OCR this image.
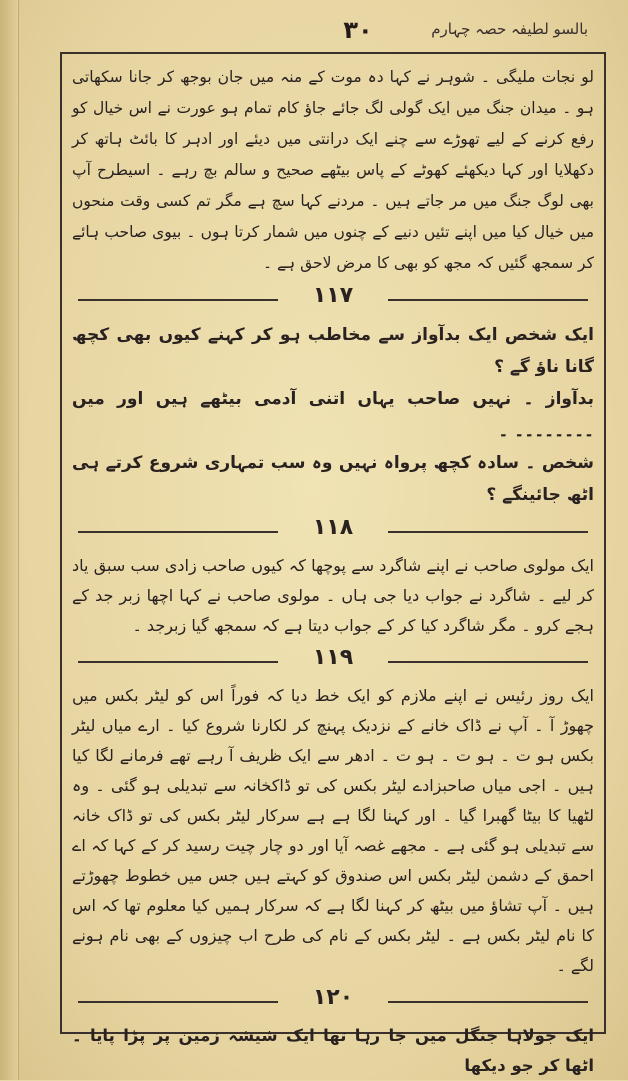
۳۰	بالسو لطیفہ حصہ چہارم

لو نجات ملیگی ۔ شوہر نے کہا دہ موت کے منہ میں جان بوجھ کر جانا سکھاتی ہو ۔ میدان جنگ میں ایک گولی لگ جائے جاؤ کام تمام ہو عورت نے اس خیال کو رفع کرنے کے لیے تھوڑے سے چنے ایک درانتی میں دیئے اور ادہر کا بائٹ ہاتھ کر دکھلایا اور کہا دیکھئے کھوٹے کے پاس بیٹھے صحیح و سالم بچ رہے ۔ اسیطرح آپ بھی لوگ جنگ میں مر جاتے ہیں ۔ مردنے کہا سچ ہے مگر تم کسی وقت منحوں میں خیال کیا میں اپنے تئیں دنیے کے چنوں میں شمار کرتا ہوں ۔ بیوی صاحب ہائے کر سمجھ گئیں کہ مجھ کو بھی کا مرض لاحق ہے ۔

۱۱۷

ایک شخص ایک بدآواز سے مخاطب ہو کر کہنے کیوں بھی کچھ گانا ناؤ گے ؟

بدآواز ۔ نہیں صاحب یہاں اتنی آدمی بیٹھے ہیں اور میں ۔۔۔۔۔۔۔۔ ۔

شخص ۔ سادہ کچھ پرواہ نہیں وہ سب تمہاری شروع کرتے ہی اٹھ جائینگے ؟

۱۱۸

ایک مولوی صاحب نے اپنے شاگرد سے پوچھا کہ کیوں صاحب زادی سب سبق یاد کر لیے ۔ شاگرد نے جواب دیا جی ہاں ۔ مولوی صاحب نے کہا اچھا زبر جد کے ہجے کرو ۔ مگر شاگرد کیا کر کے جواب دیتا ہے کہ سمجھ گیا زبرجد ۔

۱۱۹

ایک روز رئیس نے اپنے ملازم کو ایک خط دیا کہ فوراً اس کو لیٹر بکس میں چھوڑ آ ۔ آپ نے ڈاک خانے کے نزدیک پہنچ کر لکارنا شروع کیا ۔ ارے میاں لیٹر بکس ہو ت ۔ ہو ت ۔ ہو ت ۔ ادھر سے ایک ظریف آ رہے تھے فرمانے لگا کیا ہیں ۔ اجی میاں صاحبزادے لیٹر بکس کی تو ڈاکخانہ سے تبدیلی ہو گئی ۔ وہ لٹھیا کا بیٹا گھبرا گیا ۔ اور کہنا لگا ہے ہے سرکار لیٹر بکس کی تو ڈاک خانہ سے تبدیلی ہو گئی ہے ۔ مجھے غصہ آیا اور دو چار چیت رسید کر کے کہا کہ اے احمق کے دشمن لیٹر بکس اس صندوق کو کہتے ہیں جس میں خطوط چھوڑتے ہیں ۔ آپ تشاؤ میں بیٹھ کر کہنا لگا ہے کہ سرکار ہمیں کیا معلوم تھا کہ اس کا نام لیٹر بکس ہے ۔ لیٹر بکس کے نام کی طرح اب چیزوں کے بھی نام ہونے لگے ۔

۱۲۰

ایک جولاہا جنگل میں جا رہا تھا ایک شیشہ زمین پر پڑا پایا ۔ اٹھا کر جو دیکھا
